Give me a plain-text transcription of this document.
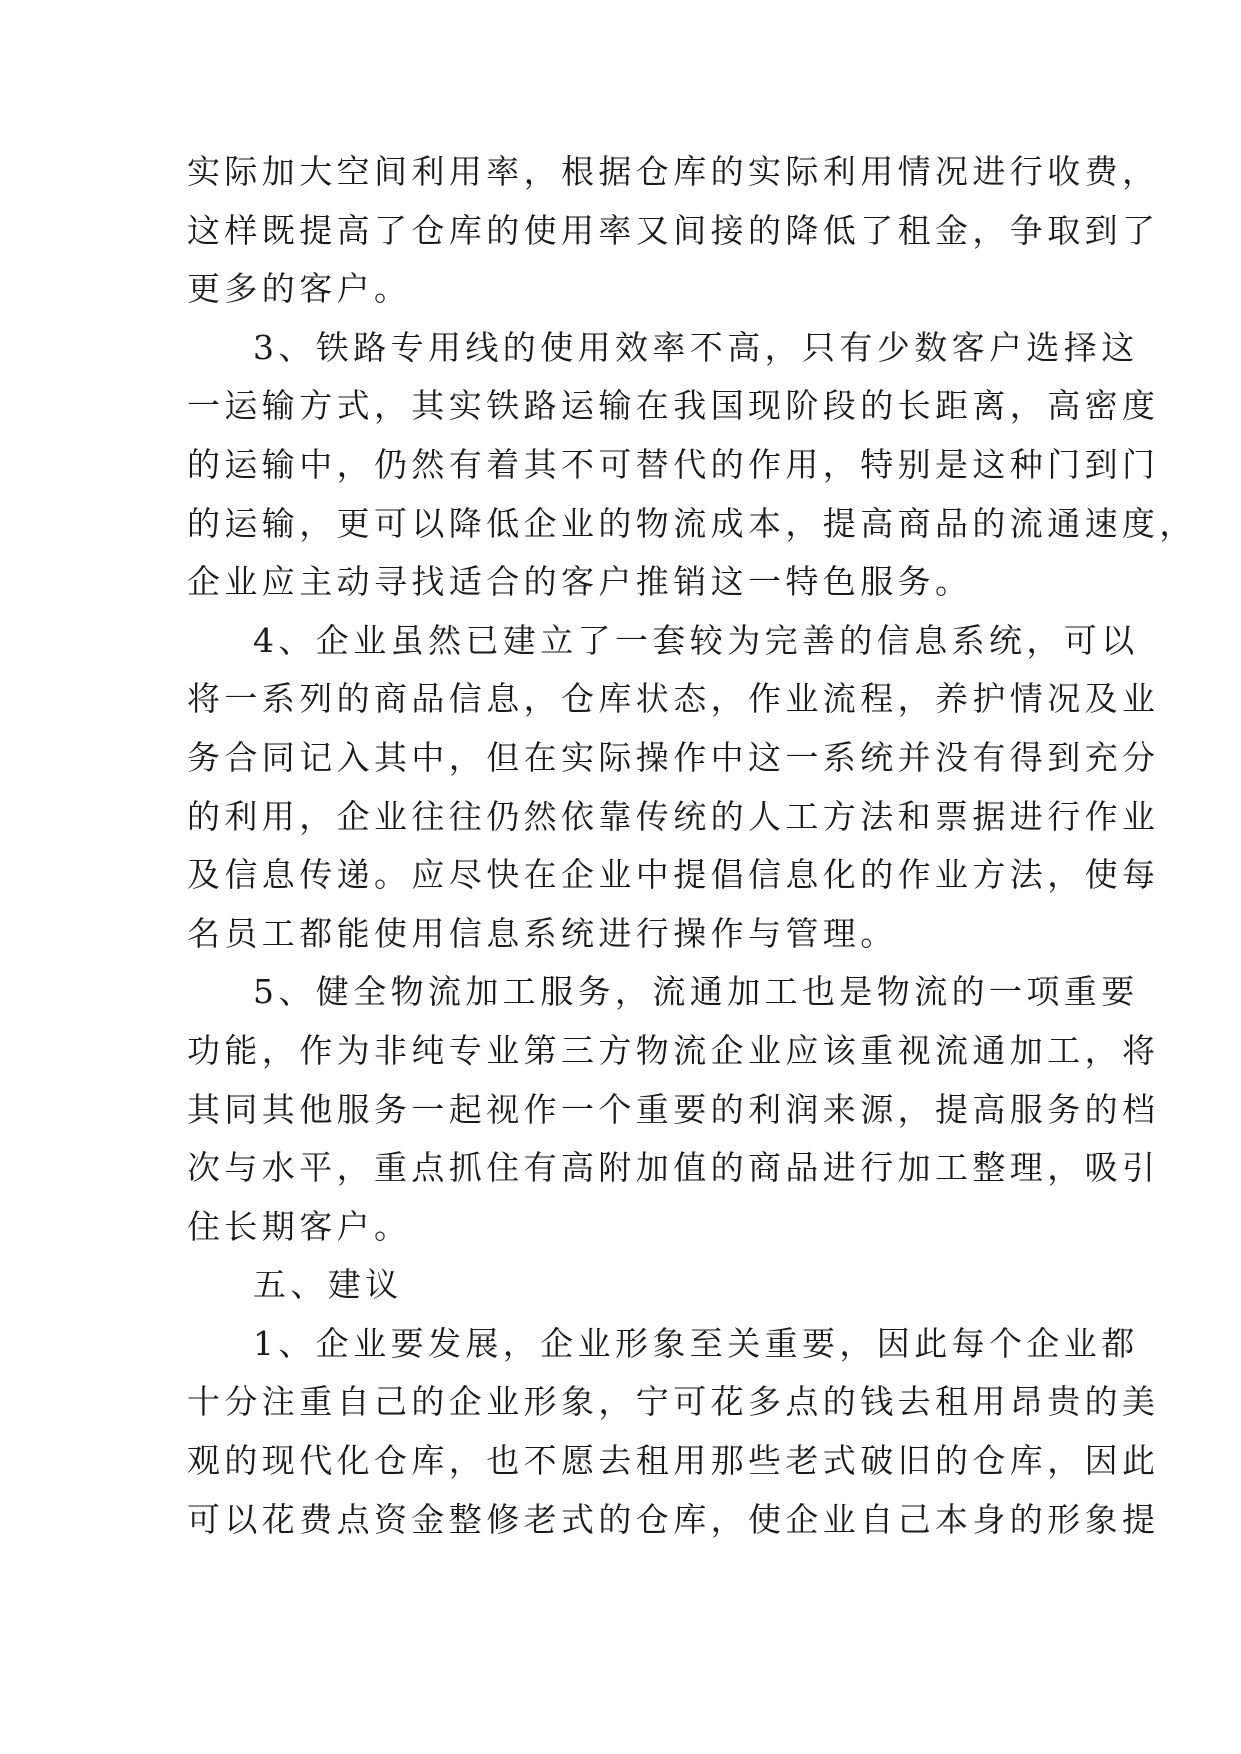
实际加大空间利用率，根据仓库的实际利用情况进行收费，
这样既提高了仓库的使用率又间接的降低了租金，争取到了
更多的客户。
3、铁路专用线的使用效率不高，只有少数客户选择这
一运输方式，其实铁路运输在我国现阶段的长距离，高密度
的运输中，仍然有着其不可替代的作用，特别是这种门到门
的运输，更可以降低企业的物流成本，提高商品的流通速度，
企业应主动寻找适合的客户推销这一特色服务。
4、企业虽然已建立了一套较为完善的信息系统，可以
将一系列的商品信息，仓库状态，作业流程，养护情况及业
务合同记入其中，但在实际操作中这一系统并没有得到充分
的利用，企业往往仍然依靠传统的人工方法和票据进行作业
及信息传递。应尽快在企业中提倡信息化的作业方法，使每
名员工都能使用信息系统进行操作与管理。
5、健全物流加工服务，流通加工也是物流的一项重要
功能，作为非纯专业第三方物流企业应该重视流通加工，将
其同其他服务一起视作一个重要的利润来源，提高服务的档
次与水平，重点抓住有高附加值的商品进行加工整理，吸引
住长期客户。
五、建议
1、企业要发展，企业形象至关重要，因此每个企业都
十分注重自己的企业形象，宁可花多点的钱去租用昂贵的美
观的现代化仓库，也不愿去租用那些老式破旧的仓库，因此
可以花费点资金整修老式的仓库，使企业自己本身的形象提
